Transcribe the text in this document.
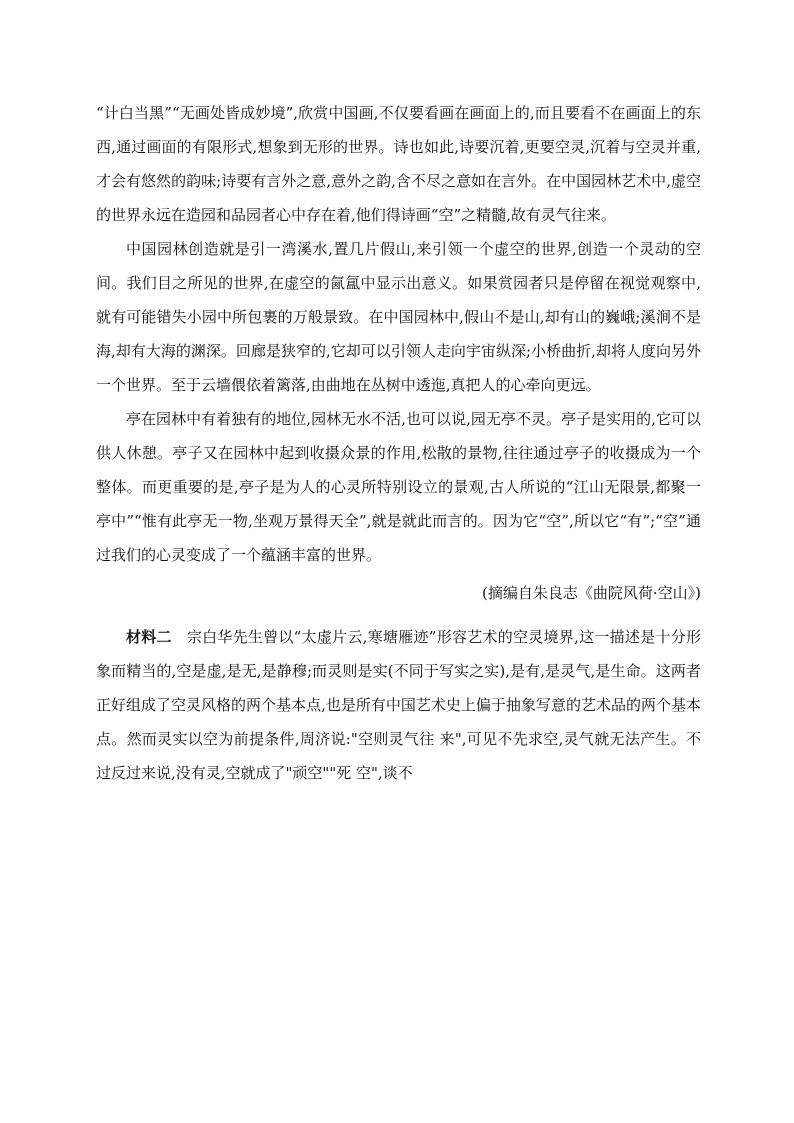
“计白当黑”“无画处皆成妙境”,欣赏中国画,不仅要看画在画面上的,而且要看不在画面上的东西,通过画面的有限形式,想象到无形的世界。诗也如此,诗要沉着,更要空灵,沉着与空灵并重,才会有悠然的韵味;诗要有言外之意,意外之韵,含不尽之意如在言外。在中国园林艺术中,虚空的世界永远在造园和品园者心中存在着,他们得诗画“空”之精髓,故有灵气往来。

中国园林创造就是引一湾溪水,置几片假山,来引领一个虚空的世界,创造一个灵动的空间。我们目之所见的世界,在虚空的氤氲中显示出意义。如果赏园者只是停留在视觉观察中,就有可能错失小园中所包裹的万般景致。在中国园林中,假山不是山,却有山的巍峨;溪涧不是海,却有大海的渊深。回廊是狭窄的,它却可以引领人走向宇宙纵深;小桥曲折,却将人度向另外一个世界。至于云墙偎依着篱落,由曲地在丛树中透迤,真把人的心牵向更远。

亭在园林中有着独有的地位,园林无水不活,也可以说,园无亭不灵。亭子是实用的,它可以供人休憩。亭子又在园林中起到收摄众景的作用,松散的景物,往往通过亭子的收摄成为一个整体。而更重要的是,亭子是为人的心灵所特别设立的景观,古人所说的“江山无限景,都聚一亭中”“惟有此亭无一物,坐观万景得天全”,就是就此而言的。因为它“空”,所以它“有”;“空”通过我们的心灵变成了一个蕴涵丰富的世界。

(摘编自朱良志《曲院风荷·空山》)

材料二 宗白华先生曾以“太虚片云,寒塘雁迹”形容艺术的空灵境界,这一描述是十分形象而精当的,空是虚,是无,是静穆;而灵则是实(不同于写实之实),是有,是灵气,是生命。这两者正好组成了空灵风格的两个基本点,也是所有中国艺术史上偏于抽象写意的艺术品的两个基本点。然而灵实以空为前提条件,周济说:"空则灵气往 来",可见不先求空,灵气就无法产生。不过反过来说,没有灵,空就成了"顽空""死 空",谈不
